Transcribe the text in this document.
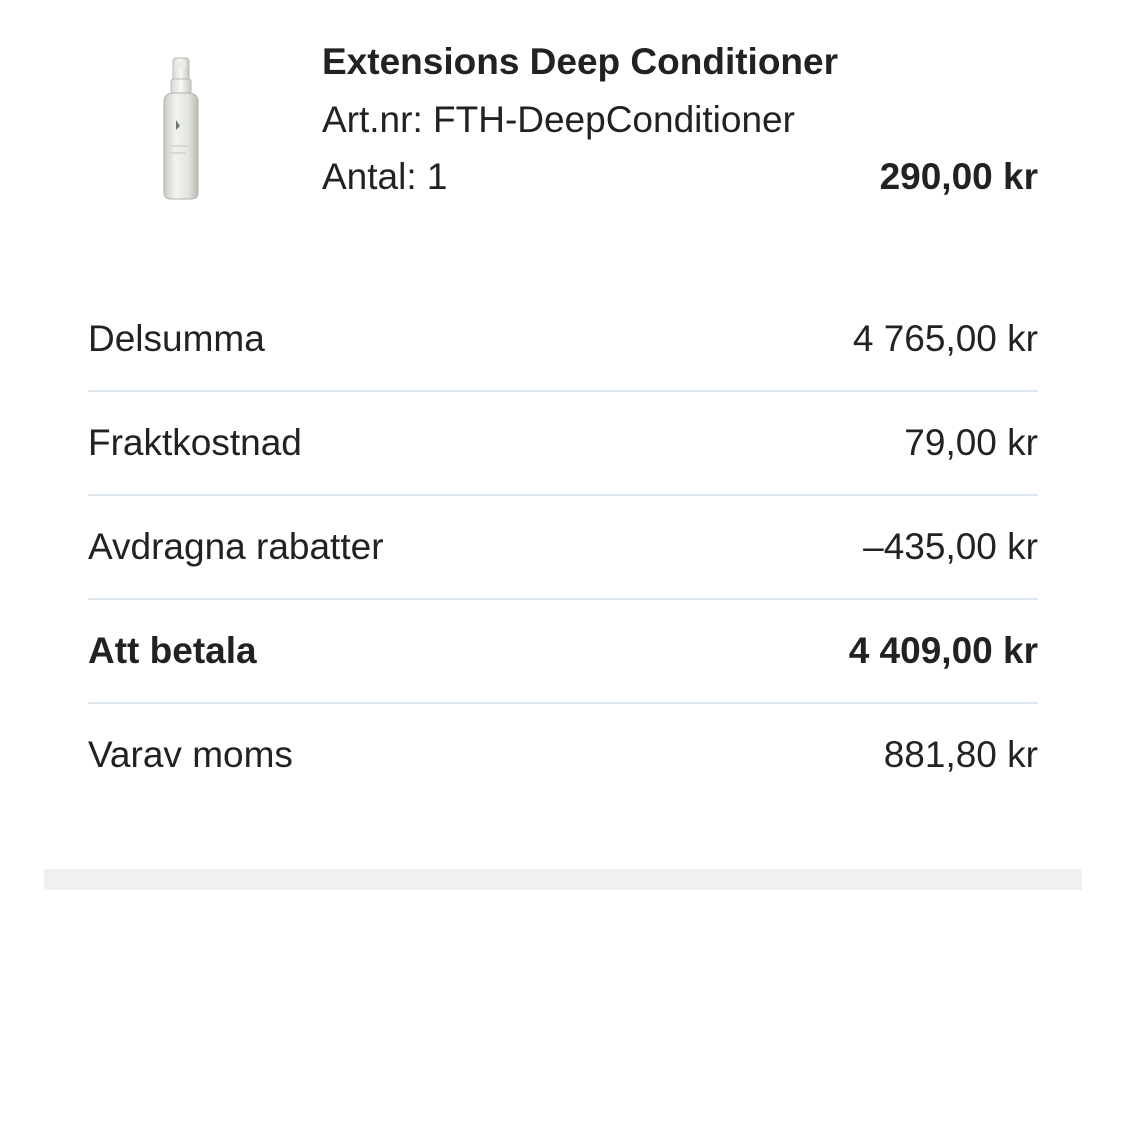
Extensions Deep Conditioner
Art.nr: FTH-DeepConditioner
Antal: 1	290,00 kr
Delsumma	4 765,00 kr
Fraktkostnad	79,00 kr
Avdragna rabatter	–435,00 kr
Att betala	4 409,00 kr
Varav moms	881,80 kr
